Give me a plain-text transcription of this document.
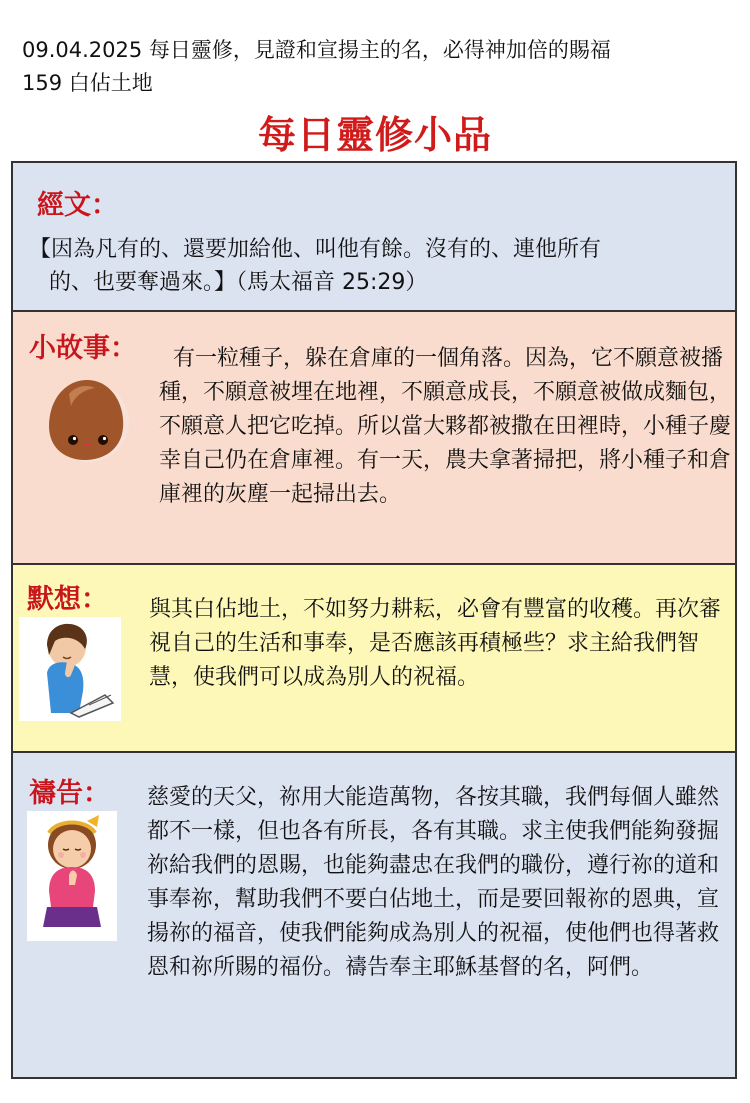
09.04.2025 每日靈修，見證和宣揚主的名，必得神加倍的賜福
159 白佔土地
每日靈修小品
經文：
【因為凡有的、還要加給他、叫他有餘。沒有的、連他所有
的、也要奪過來。】（馬太福音 25:29）
小故事：	有一粒種子，躲在倉庫的一個角落。因為，它不願意被播種，不願意被埋在地裡，不願意成長，不願意被做成麵包，不願意人把它吃掉。所以當大夥都被撒在田裡時，小種子慶幸自己仍在倉庫裡。有一天，農夫拿著掃把，將小種子和倉庫裡的灰塵一起掃出去。
默想： 與其白佔地土，不如努力耕耘，必會有豐富的收穫。再次審視自己的生活和事奉，是否應該再積極些？求主給我們智慧，使我們可以成為別人的祝福。
禱告： 慈愛的天父，祢用大能造萬物，各按其職，我們每個人雖然都不一樣，但也各有所長，各有其職。求主使我們能夠發掘祢給我們的恩賜，也能夠盡忠在我們的職份，遵行祢的道和事奉祢，幫助我們不要白佔地土，而是要回報祢的恩典，宣揚祢的福音，使我們能夠成為別人的祝福，使他們也得著救恩和祢所賜的福份。禱告奉主耶穌基督的名，阿們。
